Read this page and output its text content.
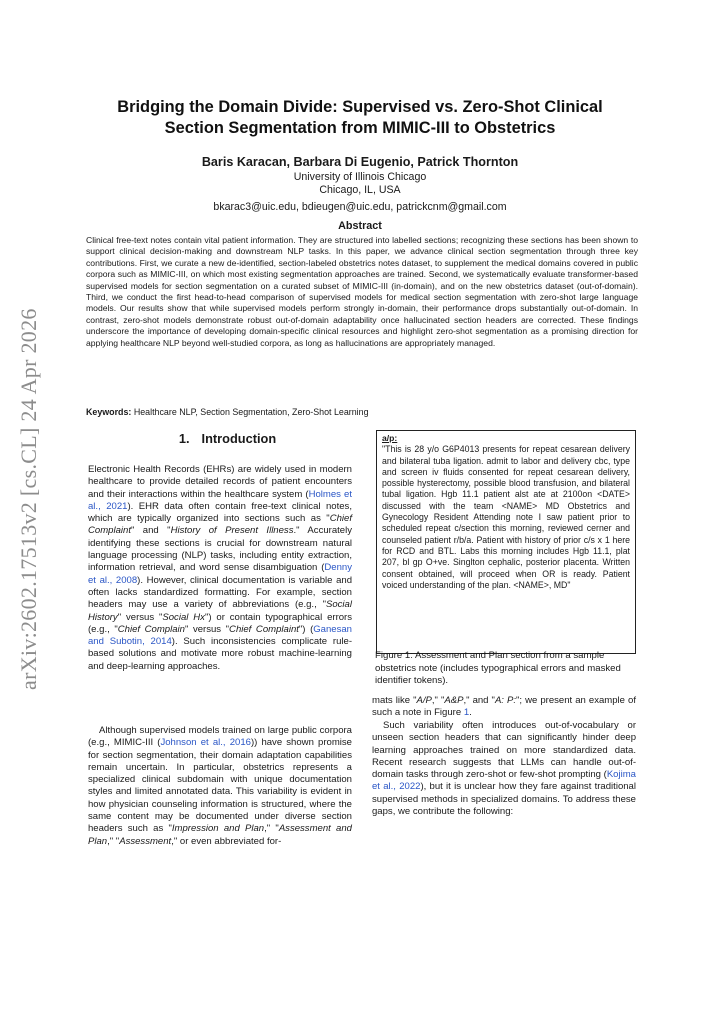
arXiv:2602.17513v2 [cs.CL] 24 Apr 2026
Bridging the Domain Divide: Supervised vs. Zero-Shot Clinical
Section Segmentation from MIMIC-III to Obstetrics
Baris Karacan, Barbara Di Eugenio, Patrick Thornton
University of Illinois Chicago
Chicago, IL, USA
bkarac3@uic.edu, bdieugen@uic.edu, patrickcnm@gmail.com
Abstract
Clinical free-text notes contain vital patient information. They are structured into labelled sections; recognizing these sections has been shown to support clinical decision-making and downstream NLP tasks. In this paper, we advance clinical section segmentation through three key contributions. First, we curate a new de-identified, section-labeled obstetrics notes dataset, to supplement the medical domains covered in public corpora such as MIMIC-III, on which most existing segmentation approaches are trained. Second, we systematically evaluate transformer-based supervised models for section segmentation on a curated subset of MIMIC-III (in-domain), and on the new obstetrics dataset (out-of-domain). Third, we conduct the first head-to-head comparison of supervised models for medical section segmentation with zero-shot large language models. Our results show that while supervised models perform strongly in-domain, their performance drops substantially out-of-domain. In contrast, zero-shot models demonstrate robust out-of-domain adaptability once hallucinated section headers are corrected. These findings underscore the importance of developing domain-specific clinical resources and highlight zero-shot segmentation as a promising direction for applying healthcare NLP beyond well-studied corpora, as long as hallucinations are appropriately managed.
Keywords: Healthcare NLP, Section Segmentation, Zero-Shot Learning
1. Introduction
Electronic Health Records (EHRs) are widely used in modern healthcare to provide detailed records of patient encounters and their interactions within the healthcare system (Holmes et al., 2021). EHR data often contain free-text clinical notes, which are typically organized into sections such as "Chief Complaint" and "History of Present Illness." Accurately identifying these sections is crucial for downstream natural language processing (NLP) tasks, including entity extraction, information retrieval, and word sense disambiguation (Denny et al., 2008). However, clinical documentation is variable and often lacks standardized formatting. For example, section headers may use a variety of abbreviations (e.g., "Social History" versus "Social Hx") or contain typographical errors (e.g., "Chief Complain" versus "Chief Complaint") (Ganesan and Subotin, 2014). Such inconsistencies complicate rule-based solutions and motivate more robust machine-learning and deep-learning approaches.
Although supervised models trained on large public corpora (e.g., MIMIC-III (Johnson et al., 2016)) have shown promise for section segmentation, their domain adaptation capabilities remain uncertain. In particular, obstetrics represents a specialized clinical subdomain with unique documentation styles and limited annotated data. This variability is evident in how physician counseling information is structured, where the same content may be documented under diverse section headers such as "Impression and Plan," "Assessment and Plan," "Assessment," or even abbreviated for-
a/p:
"This is 28 y/o G6P4013 presents for repeat cesarean delivery and bilateral tuba ligation. admit to labor and delivery cbc, type and screen iv fluids consented for repeat cesarean delivery, possible hysterectomy, possible blood transfusion, and bilateral tubal ligation. Hgb 11.1 patient alst ate at 2100on <DATE> discussed with the team <NAME> MD Obstetrics and Gynecology Resident Attending note I saw patient prior to scheduled repeat c/section this morning, reviewed cerner and counseled patient r/b/a. Patient with history of prior c/s x 1 here for RCD and BTL. Labs this morning includes Hgb 11.1, plat 207, bl gp O+ve. Singlton cephalic, posterior placenta. Written consent obtained, will proceed when OR is ready. Patient voiced understanding of the plan. <NAME>, MD"
Figure 1: Assessment and Plan section from a sample obstetrics note (includes typographical errors and masked identifier tokens).
mats like "A/P," "A&P," and "A: P:"; we present an example of such a note in Figure 1.
Such variability often introduces out-of-vocabulary or unseen section headers that can significantly hinder deep learning approaches trained on more standardized data. Recent research suggests that LLMs can handle out-of-domain tasks through zero-shot or few-shot prompting (Kojima et al., 2022), but it is unclear how they fare against traditional supervised methods in specialized domains. To address these gaps, we contribute the following:
